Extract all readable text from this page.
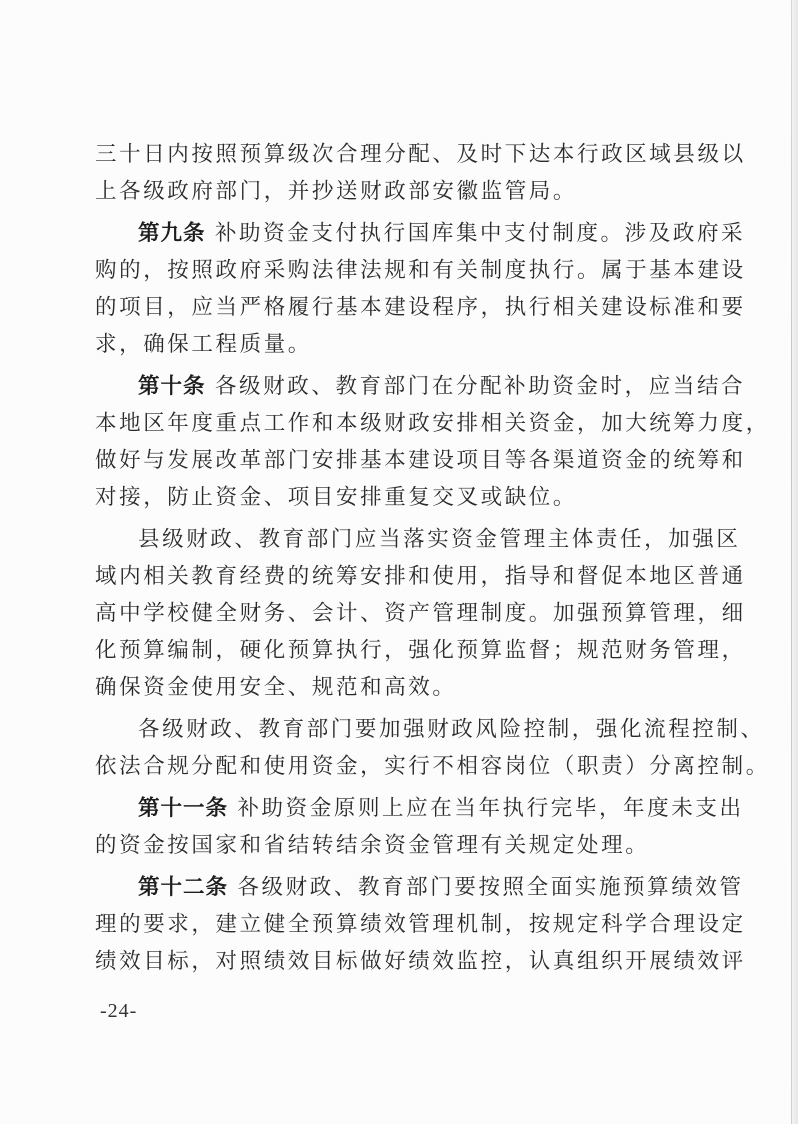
三十日内按照预算级次合理分配、及时下达本行政区域县级以
上各级政府部门，并抄送财政部安徽监管局。
第九条 补助资金支付执行国库集中支付制度。涉及政府采
购的，按照政府采购法律法规和有关制度执行。属于基本建设
的项目，应当严格履行基本建设程序，执行相关建设标准和要
求，确保工程质量。
第十条 各级财政、教育部门在分配补助资金时，应当结合
本地区年度重点工作和本级财政安排相关资金，加大统筹力度，
做好与发展改革部门安排基本建设项目等各渠道资金的统筹和
对接，防止资金、项目安排重复交叉或缺位。
县级财政、教育部门应当落实资金管理主体责任，加强区
域内相关教育经费的统筹安排和使用，指导和督促本地区普通
高中学校健全财务、会计、资产管理制度。加强预算管理，细
化预算编制，硬化预算执行，强化预算监督；规范财务管理，
确保资金使用安全、规范和高效。
各级财政、教育部门要加强财政风险控制，强化流程控制、
依法合规分配和使用资金，实行不相容岗位（职责）分离控制。
第十一条 补助资金原则上应在当年执行完毕，年度未支出
的资金按国家和省结转结余资金管理有关规定处理。
第十二条 各级财政、教育部门要按照全面实施预算绩效管
理的要求，建立健全预算绩效管理机制，按规定科学合理设定
绩效目标，对照绩效目标做好绩效监控，认真组织开展绩效评
-24-
